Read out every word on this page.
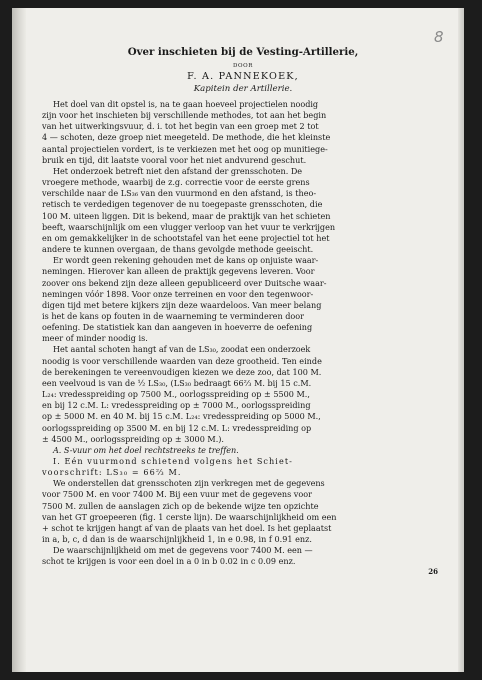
8
Over inschieten bij de Vesting-Artillerie,
DOOR
F. A. PANNEKOEK,
Kapitein der Artillerie.
Het doel van dit opstel is, na te gaan hoeveel projectielen noodig
zijn voor het inschieten bij verschillende methodes, tot aan het begin
van het uitwerkingsvuur, d. i. tot het begin van een groep met 2 tot
4 — schoten, deze groep niet meegeteld. De methode, die het kleinste
aantal projectielen vordert, is te verkiezen met het oog op munitiege-
bruik en tijd, dit laatste vooral voor het niet andvurend geschut.
Het onderzoek betreft niet den afstand der grensschoten. De
vroegere methode, waarbij de z.g. correctie voor de eerste grens
verschilde naar de LS₃₆ van den vuurmond en den afstand, is theo-
retisch te verdedigen tegenover de nu toegepaste grensschoten, die
100 M. uiteen liggen. Dit is bekend, maar de praktijk van het schieten
beeft, waarschijnlijk om een vlugger verloop van het vuur te verkrijgen
en om gemakkelijker in de schootstafel van het eene projectiel tot het
andere te kunnen overgaan, de thans gevolgde methode geeischt.
Er wordt geen rekening gehouden met de kans op onjuiste waar-
nemingen. Hierover kan alleen de praktijk gegevens leveren. Voor
zoover ons bekend zijn deze alleen gepubliceerd over Duitsche waar-
nemingen vóór 1898. Voor onze terreinen en voor den tegenwoor-
digen tijd met betere kijkers zijn deze waardeloos. Van meer belang
is het de kans op fouten in de waarneming te verminderen door
oefening. De statistiek kan dan aangeven in hoeverre de oefening
meer of minder noodig is.
Het aantal schoten hangt af van de LS₃₀, zoodat een onderzoek
noodig is voor verschillende waarden van deze grootheid. Ten einde
de berekeningen te vereenvoudigen kiezen we deze zoo, dat 100 M.
een veelvoud is van de ½ LS₃₀, (LS₃₀ bedraagt 66⅔ M. bij 15 c.M.
L₂₄: vredesspreiding op 7500 M., oorlogsspreiding op ± 5500 M.,
en bij 12 c.M. L: vredesspreiding op ± 7000 M., oorlogsspreiding
op ± 5000 M. en 40 M. bij 15 c.M. L₂₄: vredesspreiding op 5000 M.,
oorlogsspreiding op 3500 M. en bij 12 c.M. L: vredesspreiding op
± 4500 M., oorlogsspreiding op ± 3000 M.).
A. S-vuur om het doel rechtstreeks te treffen.
I. Eén vuurmond schietend volgens het Schiet-
voorschrift: LS₃₀ = 66⅔ M.
We onderstellen dat grensschoten zijn verkregen met de gegevens
voor 7500 M. en voor 7400 M. Bij een vuur met de gegevens voor
7500 M. zullen de aanslagen zich op de bekende wijze ten opzichte
van het GT groepeeren (fig. 1 cerste lijn). De waarschijnlijkheid om een
+ schot te krijgen hangt af van de plaats van het doel. Is het geplaatst
in a, b, c, d dan is de waarschijnlijkheid 1, in e 0.98, in f 0.91 enz.
De waarschijnlijkheid om met de gegevens voor 7400 M. een —
schot te krijgen is voor een doel in a 0 in b 0.02 in c 0.09 enz.
26
